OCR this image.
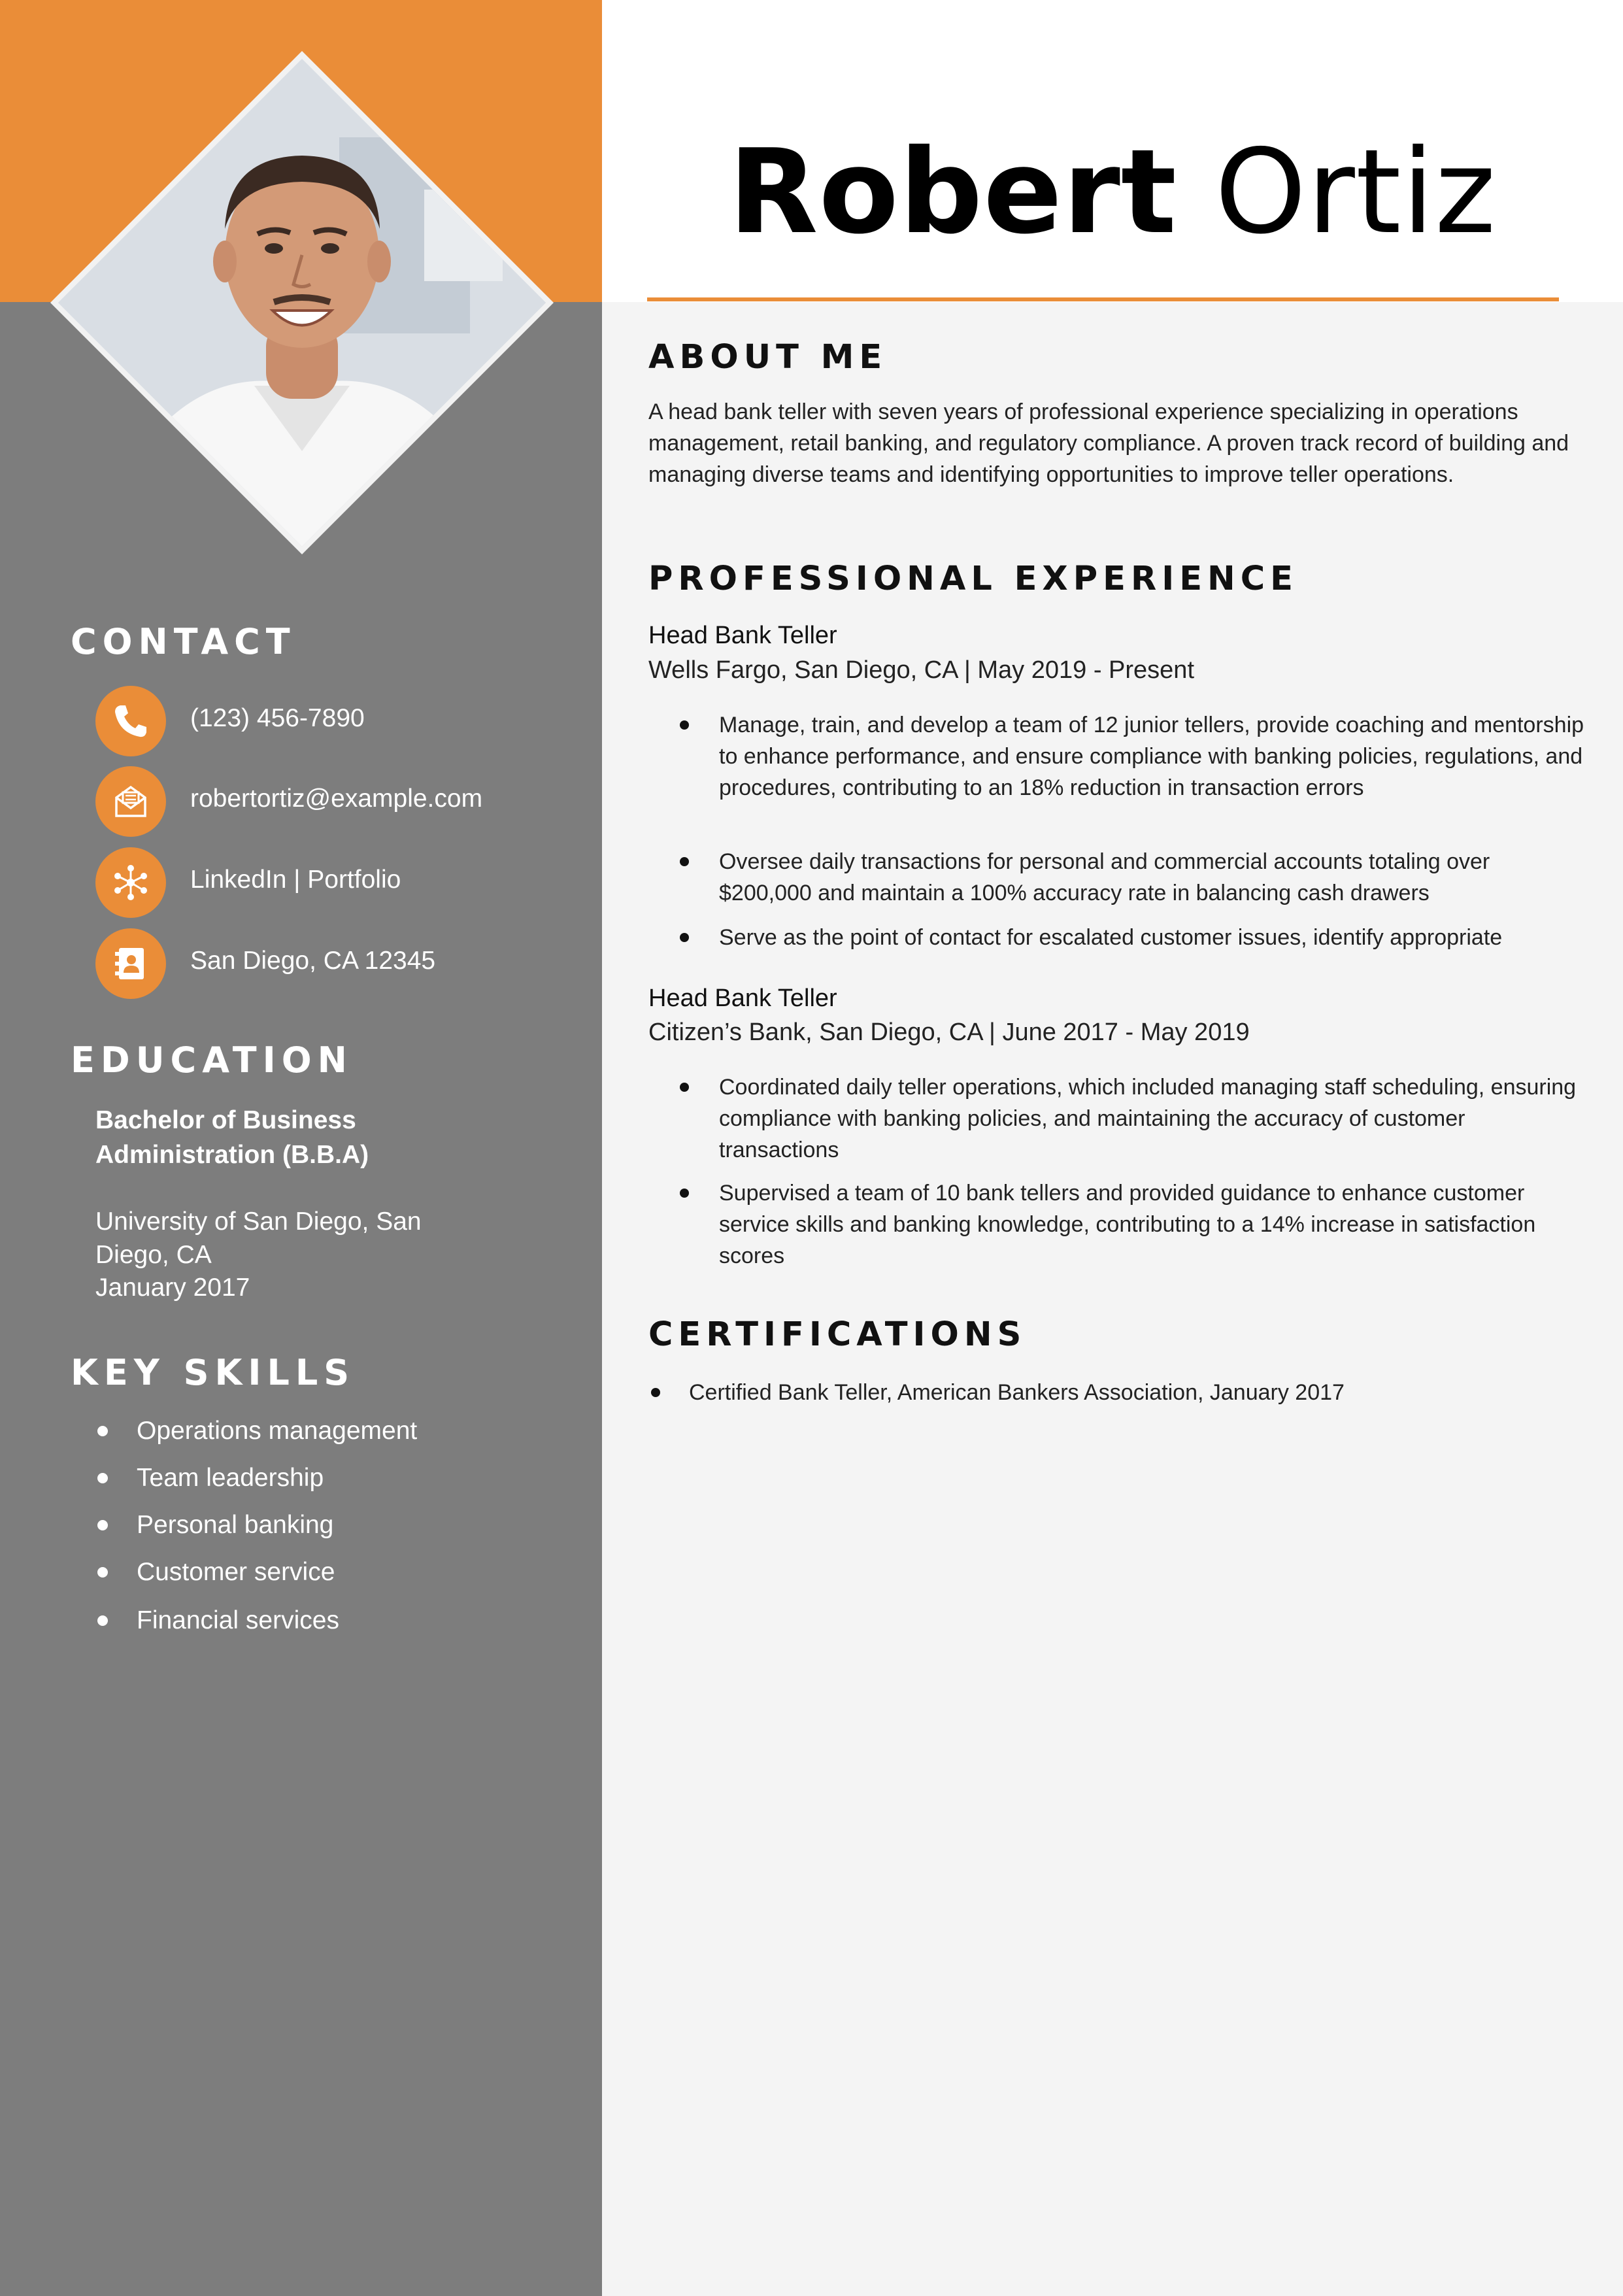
Robert Ortiz
CONTACT
(123) 456-7890
robertortiz@example.com
LinkedIn | Portfolio
San Diego, CA 12345
EDUCATION
Bachelor of Business Administration (B.B.A)
University of San Diego, San Diego, CA
January 2017
KEY SKILLS
Operations management
Team leadership
Personal banking
Customer service
Financial services
ABOUT ME
A head bank teller with seven years of professional experience specializing in operations management, retail banking, and regulatory compliance. A proven track record of building and managing diverse teams and identifying opportunities to improve teller operations.
PROFESSIONAL EXPERIENCE
Head Bank Teller
Wells Fargo, San Diego, CA | May 2019 - Present
Manage, train, and develop a team of 12 junior tellers, provide coaching and mentorship to enhance performance, and ensure compliance with banking policies, regulations, and procedures, contributing to an 18% reduction in transaction errors
Oversee daily transactions for personal and commercial accounts totaling over $200,000 and maintain a 100% accuracy rate in balancing cash drawers
Serve as the point of contact for escalated customer issues, identify appropriate
Head Bank Teller
Citizen’s Bank, San Diego, CA | June 2017 - May 2019
Coordinated daily teller operations, which included managing staff scheduling, ensuring compliance with banking policies, and maintaining the accuracy of customer transactions
Supervised a team of 10 bank tellers and provided guidance to enhance customer service skills and banking knowledge, contributing to a 14% increase in satisfaction scores
CERTIFICATIONS
Certified Bank Teller, American Bankers Association, January 2017
